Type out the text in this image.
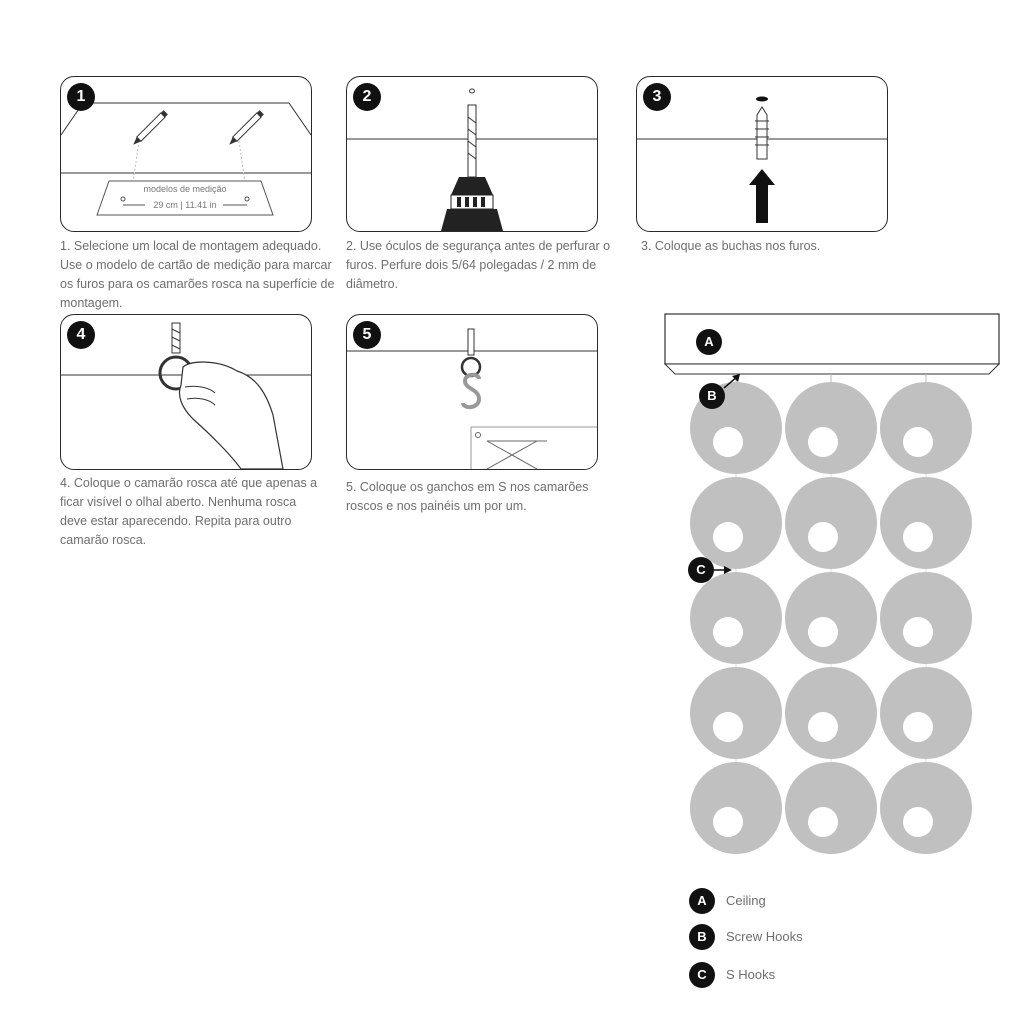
modelos de medição
29 cm | 11.41 in
1

1. Selecione um local de montagem adequado. Use o modelo de cartão de medição para marcar os furos para os camarões rosca na superfície de montagem.

2

2. Use óculos de segurança antes de perfurar o furos. Perfure dois 5/64 polegadas / 2 mm de diâmetro.

3

3. Coloque as buchas nos furos.

4

4. Coloque o camarão rosca até que apenas a ficar visível o olhal aberto. Nenhuma rosca deve estar aparecendo. Repita para outro camarão rosca.

5

5. Coloque os ganchos em S nos camarões roscos e nos painéis um por um.

A
B
C
A	Ceiling
B	Screw Hooks
C	S Hooks
